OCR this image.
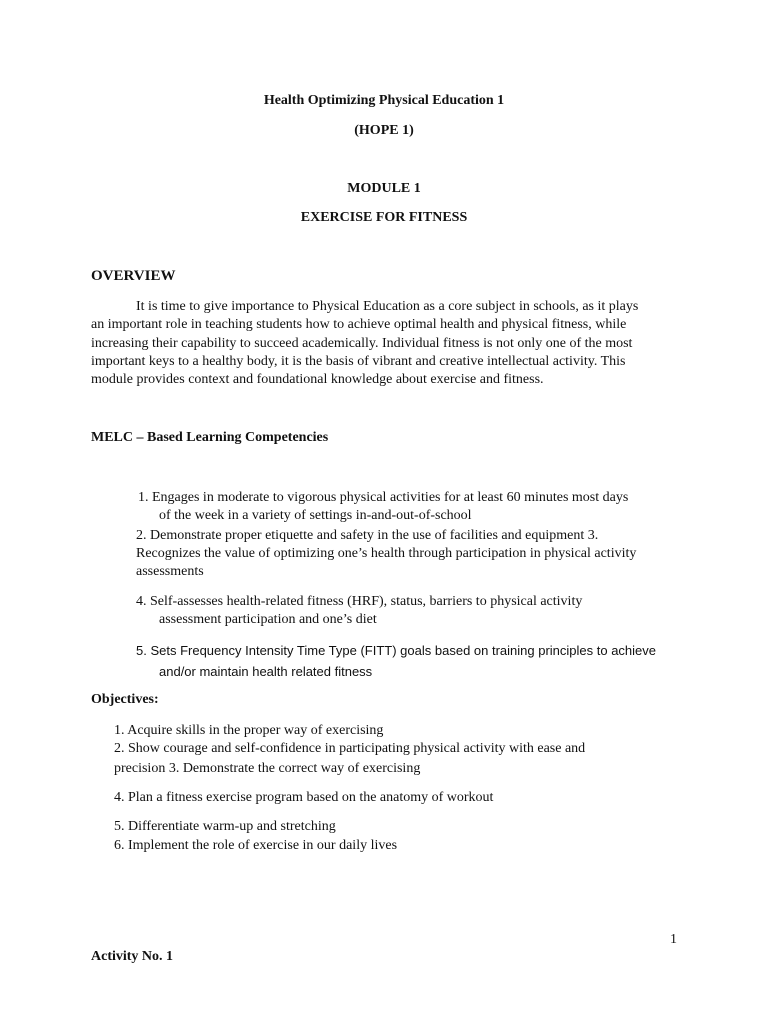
Health Optimizing Physical Education 1

(HOPE 1)

MODULE 1

EXERCISE FOR FITNESS

OVERVIEW

It is time to give importance to Physical Education as a core subject in schools, as it plays
an important role in teaching students how to achieve optimal health and physical fitness, while
increasing their capability to succeed academically. Individual fitness is not only one of the most
important keys to a healthy body, it is the basis of vibrant and creative intellectual activity. This
module provides context and foundational knowledge about exercise and fitness.

MELC – Based Learning Competencies

1. Engages in moderate to vigorous physical activities for at least 60 minutes most days
of the week in a variety of settings in-and-out-of-school
2. Demonstrate proper etiquette and safety in the use of facilities and equipment 3.
Recognizes the value of optimizing one’s health through participation in physical activity
assessments
4. Self-assesses health-related fitness (HRF), status, barriers to physical activity
assessment participation and one’s diet
5. Sets Frequency Intensity Time Type (FITT) goals based on training principles to achieve
and/or maintain health related fitness

Objectives:

1. Acquire skills in the proper way of exercising
2. Show courage and self-confidence in participating physical activity with ease and
precision 3. Demonstrate the correct way of exercising
4. Plan a fitness exercise program based on the anatomy of workout
5. Differentiate warm-up and stretching
6. Implement the role of exercise in our daily lives

1

Activity No. 1
